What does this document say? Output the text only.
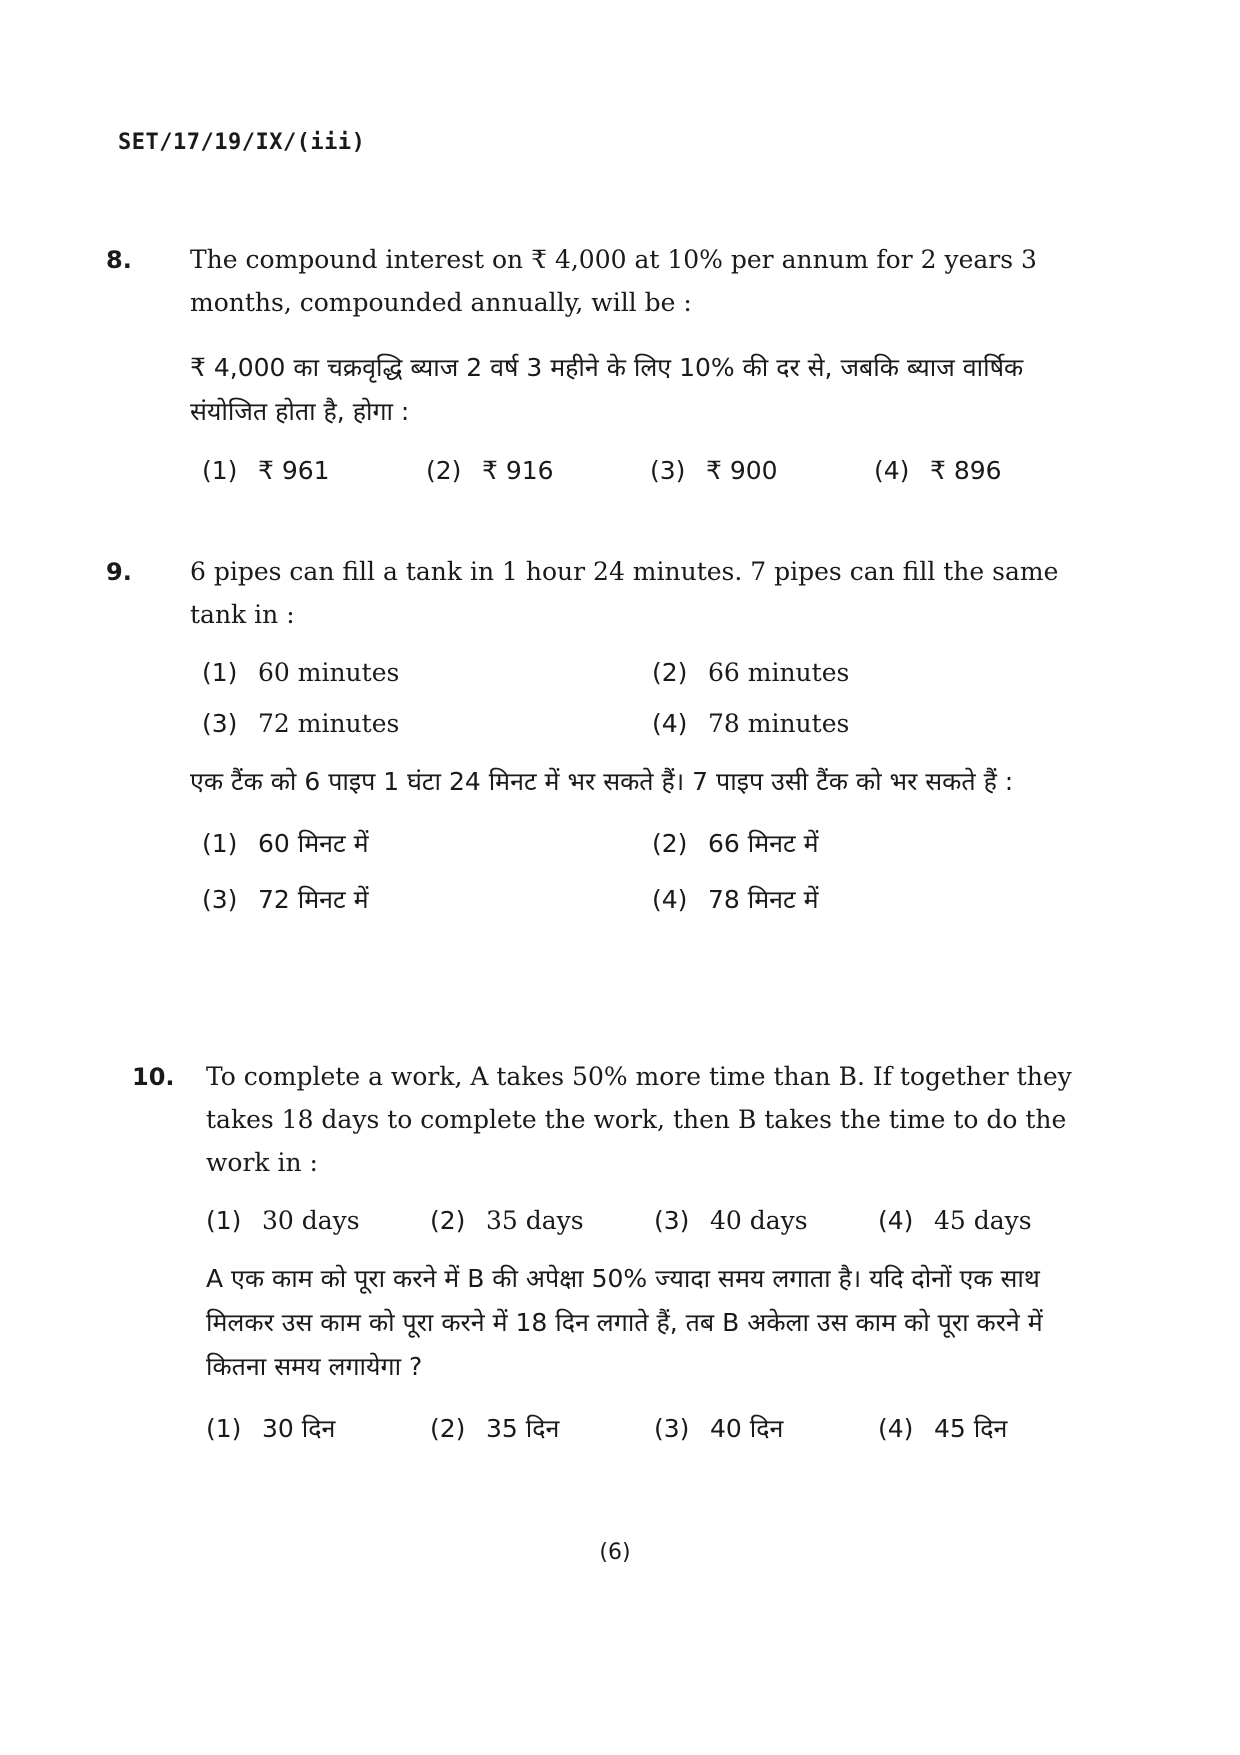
SET/17/19/IX/(iii)
8. The compound interest on ₹ 4,000 at 10% per annum for 2 years 3 months, compounded annually, will be :
₹ 4,000 का चक्रवृद्धि ब्याज 2 वर्ष 3 महीने के लिए 10% की दर से, जबकि ब्याज वार्षिक संयोजित होता है, होगा :
(1) ₹ 961	(2) ₹ 916	(3) ₹ 900	(4) ₹ 896
9. 6 pipes can fill a tank in 1 hour 24 minutes. 7 pipes can fill the same tank in :
(1) 60 minutes	(2) 66 minutes
(3) 72 minutes	(4) 78 minutes
एक टैंक को 6 पाइप 1 घंटा 24 मिनट में भर सकते हैं। 7 पाइप उसी टैंक को भर सकते हैं :
(1) 60 मिनट में	(2) 66 मिनट में
(3) 72 मिनट में	(4) 78 मिनट में
10. To complete a work, A takes 50% more time than B. If together they takes 18 days to complete the work, then B takes the time to do the work in :
(1) 30 days	(2) 35 days	(3) 40 days	(4) 45 days
A एक काम को पूरा करने में B की अपेक्षा 50% ज्यादा समय लगाता है। यदि दोनों एक साथ मिलकर उस काम को पूरा करने में 18 दिन लगाते हैं, तब B अकेला उस काम को पूरा करने में कितना समय लगायेगा ?
(1) 30 दिन	(2) 35 दिन	(3) 40 दिन	(4) 45 दिन
(6)
